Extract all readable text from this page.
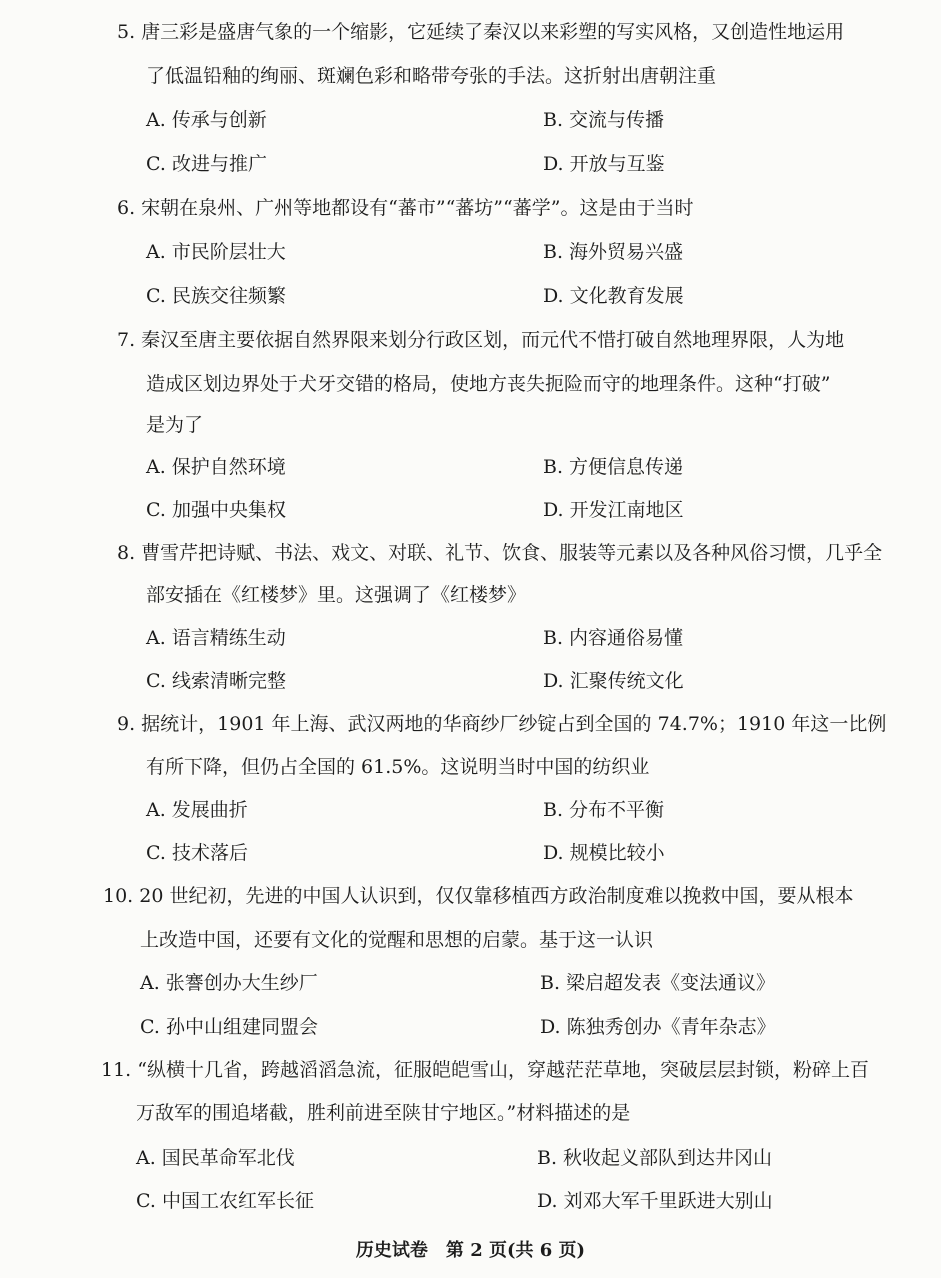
5. 唐三彩是盛唐气象的一个缩影，它延续了秦汉以来彩塑的写实风格，又创造性地运用
了低温铅釉的绚丽、斑斓色彩和略带夸张的手法。这折射出唐朝注重
A. 传承与创新	B. 交流与传播
C. 改进与推广	D. 开放与互鉴
6. 宋朝在泉州、广州等地都设有“蕃市”“蕃坊”“蕃学”。这是由于当时
A. 市民阶层壮大	B. 海外贸易兴盛
C. 民族交往频繁	D. 文化教育发展
7. 秦汉至唐主要依据自然界限来划分行政区划，而元代不惜打破自然地理界限，人为地
造成区划边界处于犬牙交错的格局，使地方丧失扼险而守的地理条件。这种“打破”
是为了
A. 保护自然环境	B. 方便信息传递
C. 加强中央集权	D. 开发江南地区
8. 曹雪芹把诗赋、书法、戏文、对联、礼节、饮食、服装等元素以及各种风俗习惯，几乎全
部安插在《红楼梦》里。这强调了《红楼梦》
A. 语言精练生动	B. 内容通俗易懂
C. 线索清晰完整	D. 汇聚传统文化
9. 据统计，1901 年上海、武汉两地的华商纱厂纱锭占到全国的 74.7%；1910 年这一比例
有所下降，但仍占全国的 61.5%。这说明当时中国的纺织业
A. 发展曲折	B. 分布不平衡
C. 技术落后	D. 规模比较小
10. 20 世纪初，先进的中国人认识到，仅仅靠移植西方政治制度难以挽救中国，要从根本
上改造中国，还要有文化的觉醒和思想的启蒙。基于这一认识
A. 张謇创办大生纱厂	B. 梁启超发表《变法通议》
C. 孙中山组建同盟会	D. 陈独秀创办《青年杂志》
11. “纵横十几省，跨越滔滔急流，征服皑皑雪山，穿越茫茫草地，突破层层封锁，粉碎上百
万敌军的围追堵截，胜利前进至陕甘宁地区。”材料描述的是
A. 国民革命军北伐	B. 秋收起义部队到达井冈山
C. 中国工农红军长征	D. 刘邓大军千里跃进大别山
历史试卷　第 2 页(共 6 页)
